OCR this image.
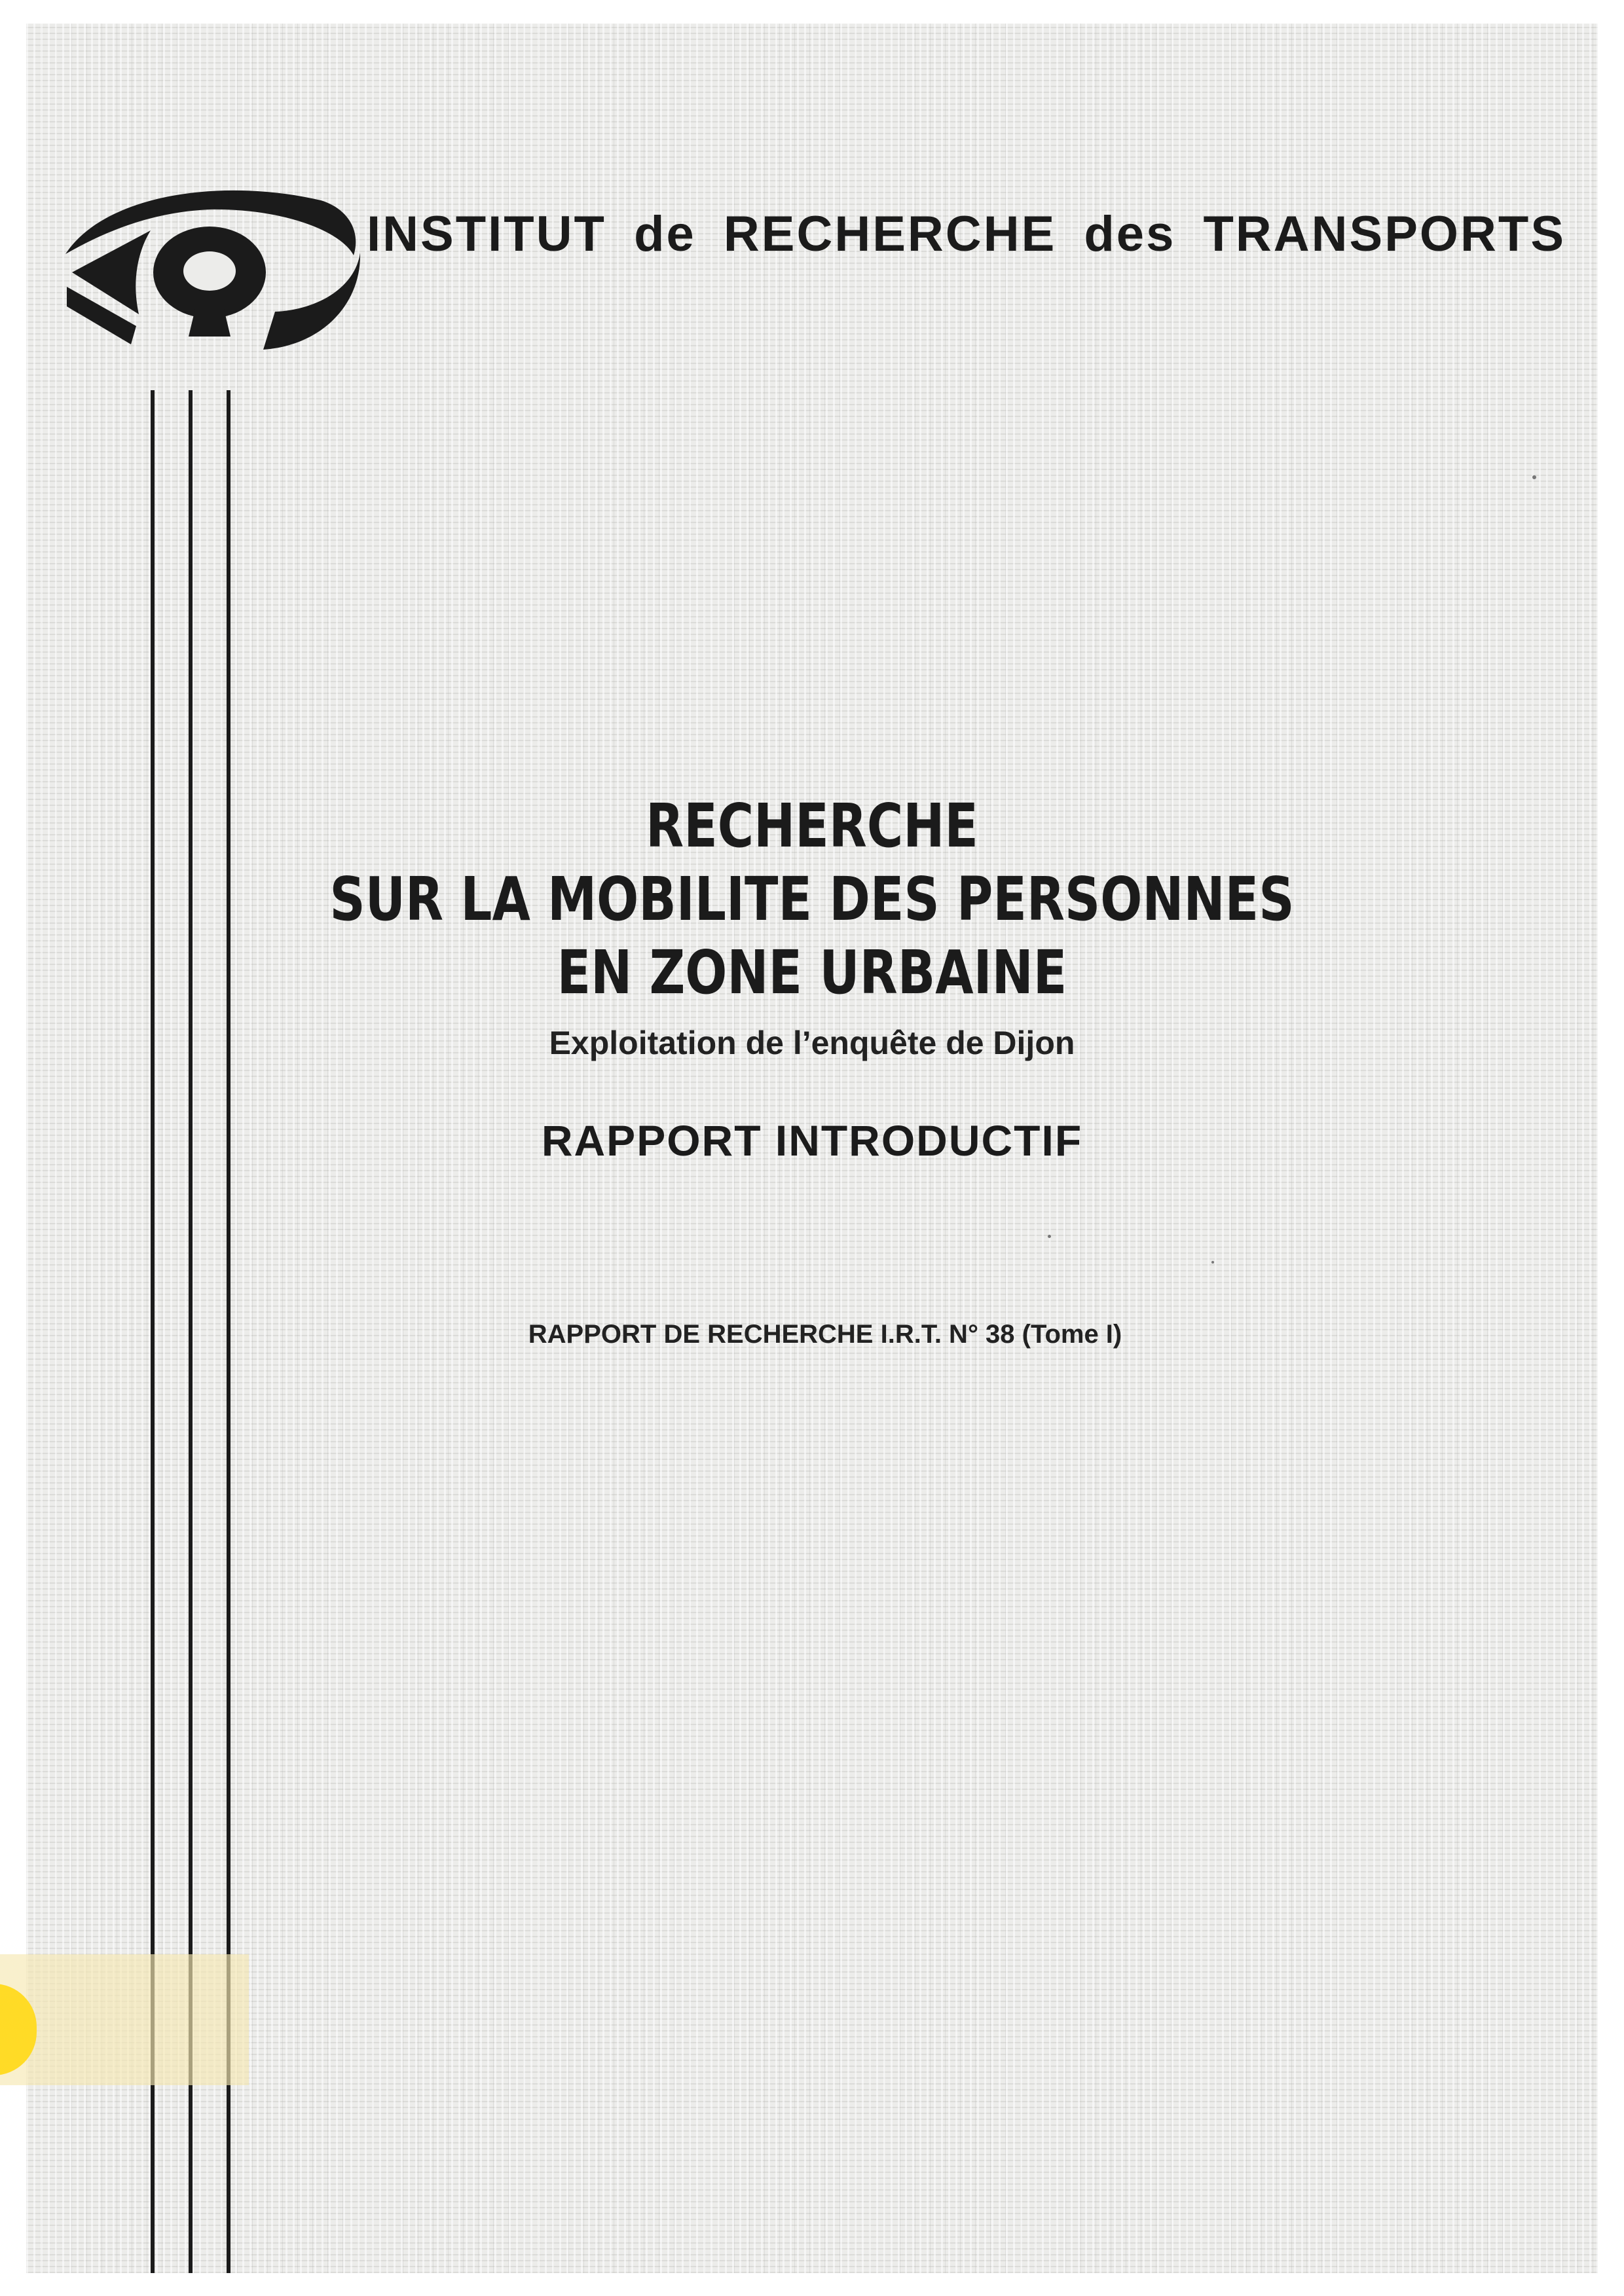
INSTITUT de RECHERCHE des TRANSPORTS
RECHERCHE
SUR LA MOBILITE DES PERSONNES
EN ZONE URBAINE
Exploitation de l’enquête de Dijon
RAPPORT INTRODUCTIF
RAPPORT DE RECHERCHE I.R.T. N° 38 (Tome I)
